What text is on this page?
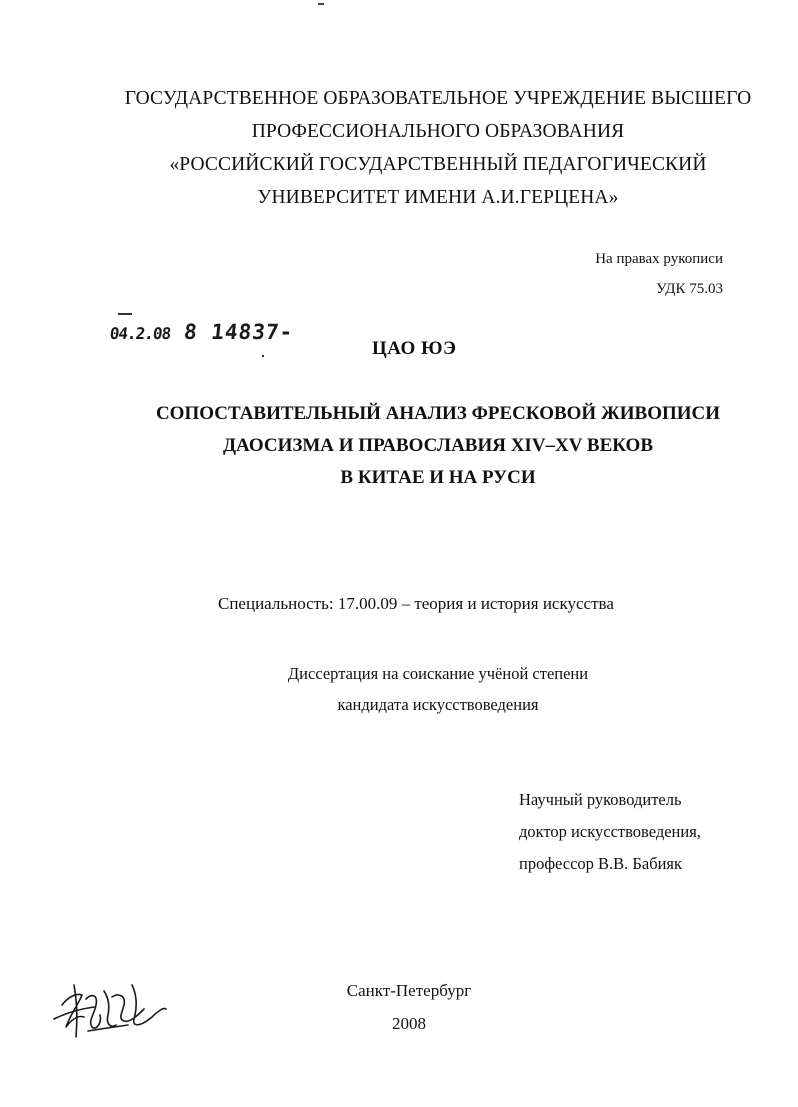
ГОСУДАРСТВЕННОЕ ОБРАЗОВАТЕЛЬНОЕ УЧРЕЖДЕНИЕ ВЫСШЕГО
ПРОФЕССИОНАЛЬНОГО ОБРАЗОВАНИЯ
«РОССИЙСКИЙ ГОСУДАРСТВЕННЫЙ ПЕДАГОГИЧЕСКИЙ
УНИВЕРСИТЕТ ИМЕНИ А.И.ГЕРЦЕНА»
На правах рукописи
УДК 75.03
04.2.08 8 14837-
ЦАО ЮЭ
СОПОСТАВИТЕЛЬНЫЙ АНАЛИЗ ФРЕСКОВОЙ ЖИВОПИСИ
ДАОСИЗМА И ПРАВОСЛАВИЯ XIV–XV ВЕКОВ
В КИТАЕ И НА РУСИ
Специальность: 17.00.09 – теория и история искусства
Диссертация на соискание учёной степени
кандидата искусствоведения
Научный руководитель
доктор искусствоведения,
профессор В.В. Бабияк
Санкт-Петербург
2008
